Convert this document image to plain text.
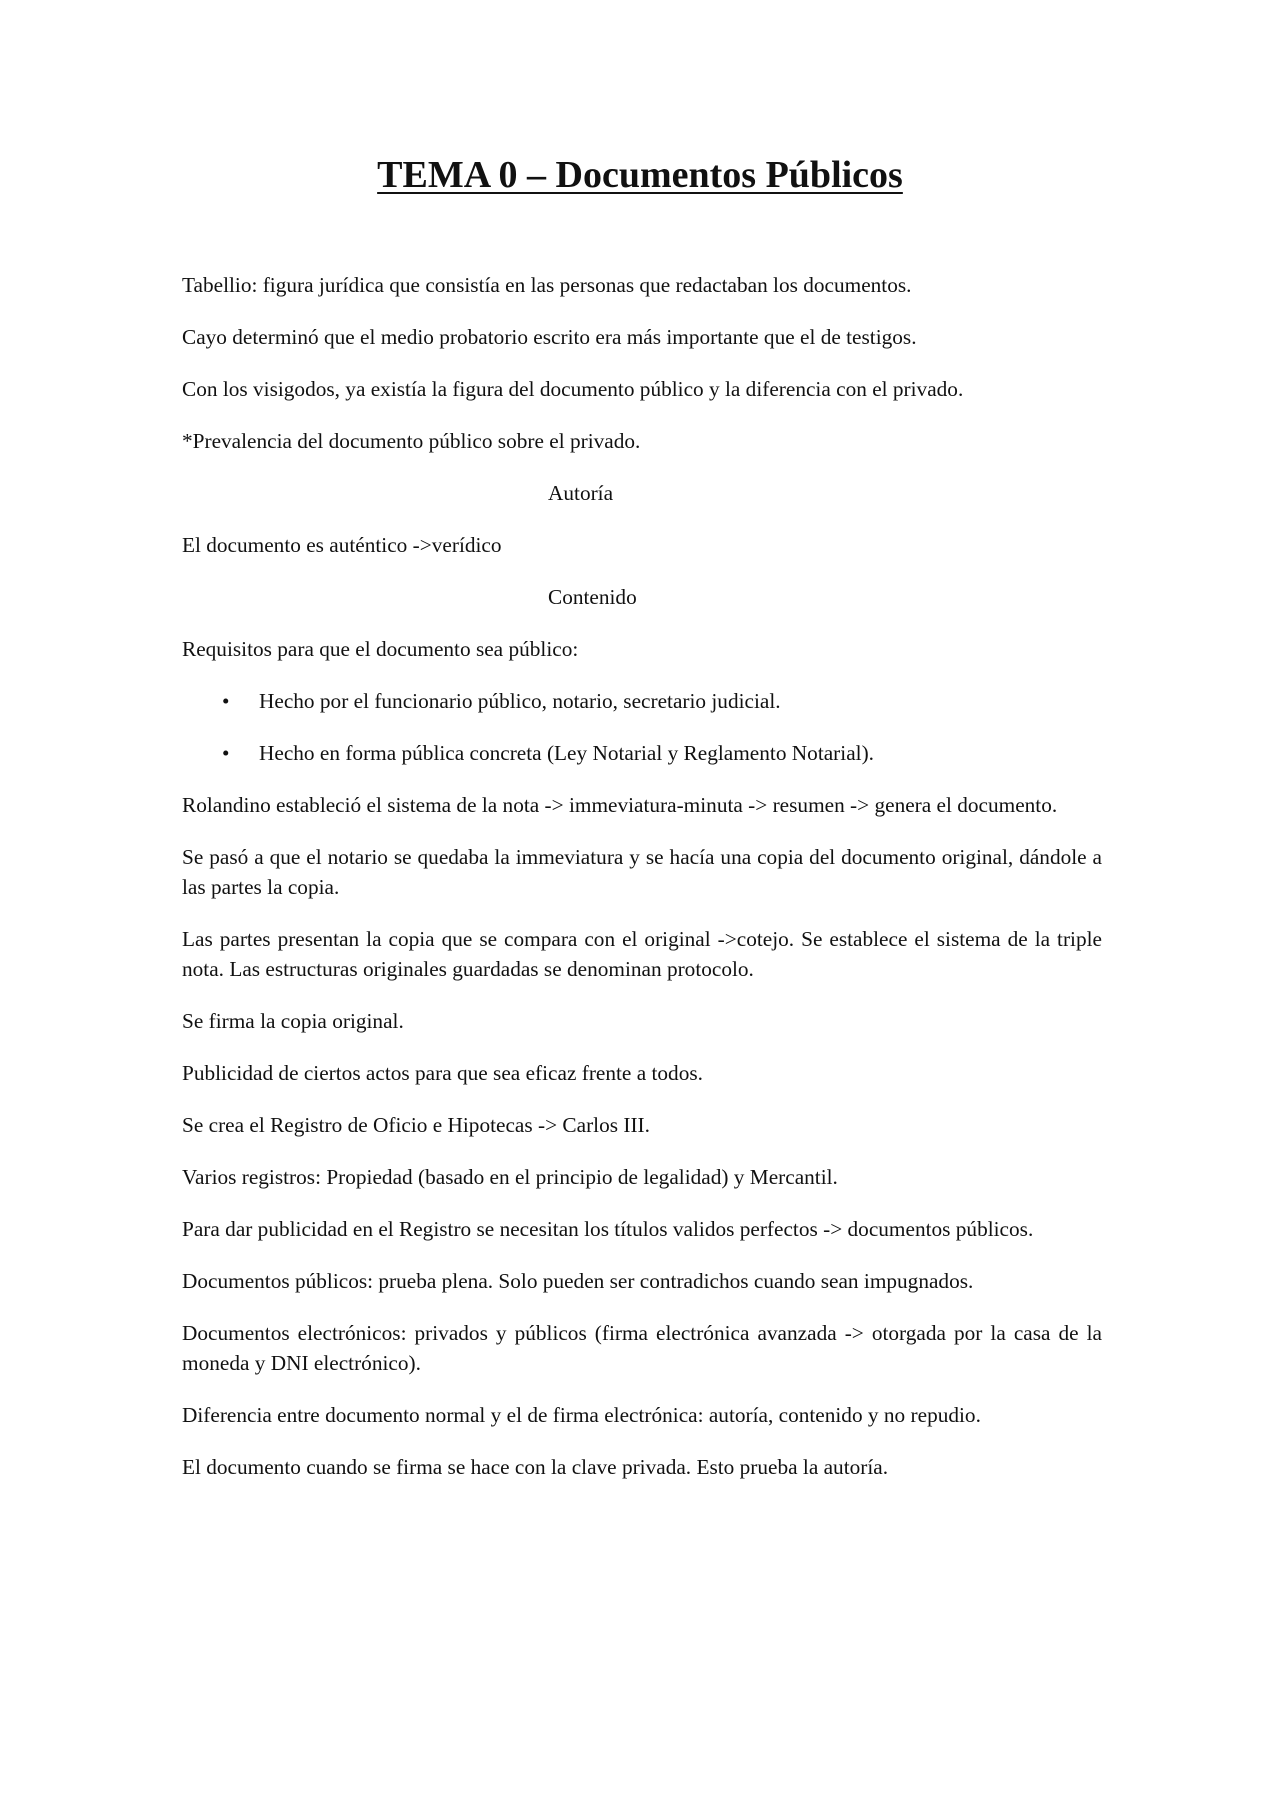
TEMA 0 – Documentos Públicos

Tabellio: figura jurídica que consistía en las personas que redactaban los documentos.

Cayo determinó que el medio probatorio escrito era más importante que el de testigos.

Con los visigodos, ya existía la figura del documento público y la diferencia con el privado.

*Prevalencia del documento público sobre el privado.

Autoría

El documento es auténtico ->verídico

Contenido

Requisitos para que el documento sea público:

• Hecho por el funcionario público, notario, secretario judicial.
• Hecho en forma pública concreta (Ley Notarial y Reglamento Notarial).

Rolandino estableció el sistema de la nota -> immeviatura-minuta -> resumen -> genera el documento.

Se pasó a que el notario se quedaba la immeviatura y se hacía una copia del documento original, dándole a las partes la copia.

Las partes presentan la copia que se compara con el original ->cotejo. Se establece el sistema de la triple nota. Las estructuras originales guardadas se denominan protocolo.

Se firma la copia original.

Publicidad de ciertos actos para que sea eficaz frente a todos.

Se crea el Registro de Oficio e Hipotecas -> Carlos III.

Varios registros: Propiedad (basado en el principio de legalidad) y Mercantil.

Para dar publicidad en el Registro se necesitan los títulos validos perfectos -> documentos públicos.

Documentos públicos: prueba plena. Solo pueden ser contradichos cuando sean impugnados.

Documentos electrónicos: privados y públicos (firma electrónica avanzada -> otorgada por la casa de la moneda y DNI electrónico).

Diferencia entre documento normal y el de firma electrónica: autoría, contenido y no repudio.

El documento cuando se firma se hace con la clave privada. Esto prueba la autoría.
